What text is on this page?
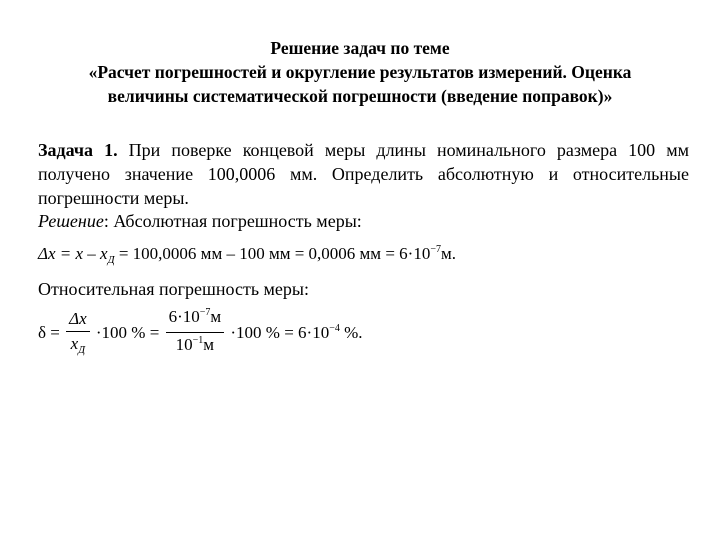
Решение задач по теме
«Расчет погрешностей и округление результатов измерений. Оценка
величины систематической погрешности (введение поправок)»
Задача 1. При поверке концевой меры длины номинального размера 100 мм
получено значение 100,0006 мм. Определить абсолютную и относительные
погрешности меры.
Решение: Абсолютная погрешность меры:
$\Delta x = x - x_Д = 100,0006$ мм – 100 мм = 0,0006 мм = $6\cdot 10^{-7}м$.
Относительная погрешность меры:
$\delta = \frac{\Delta x}{x_Д} \cdot 100$ % = $\frac{6\cdot 10^{-7}м}{10^{-1}м} \cdot 100$ % = $6\cdot 10^{-4}$ %.
